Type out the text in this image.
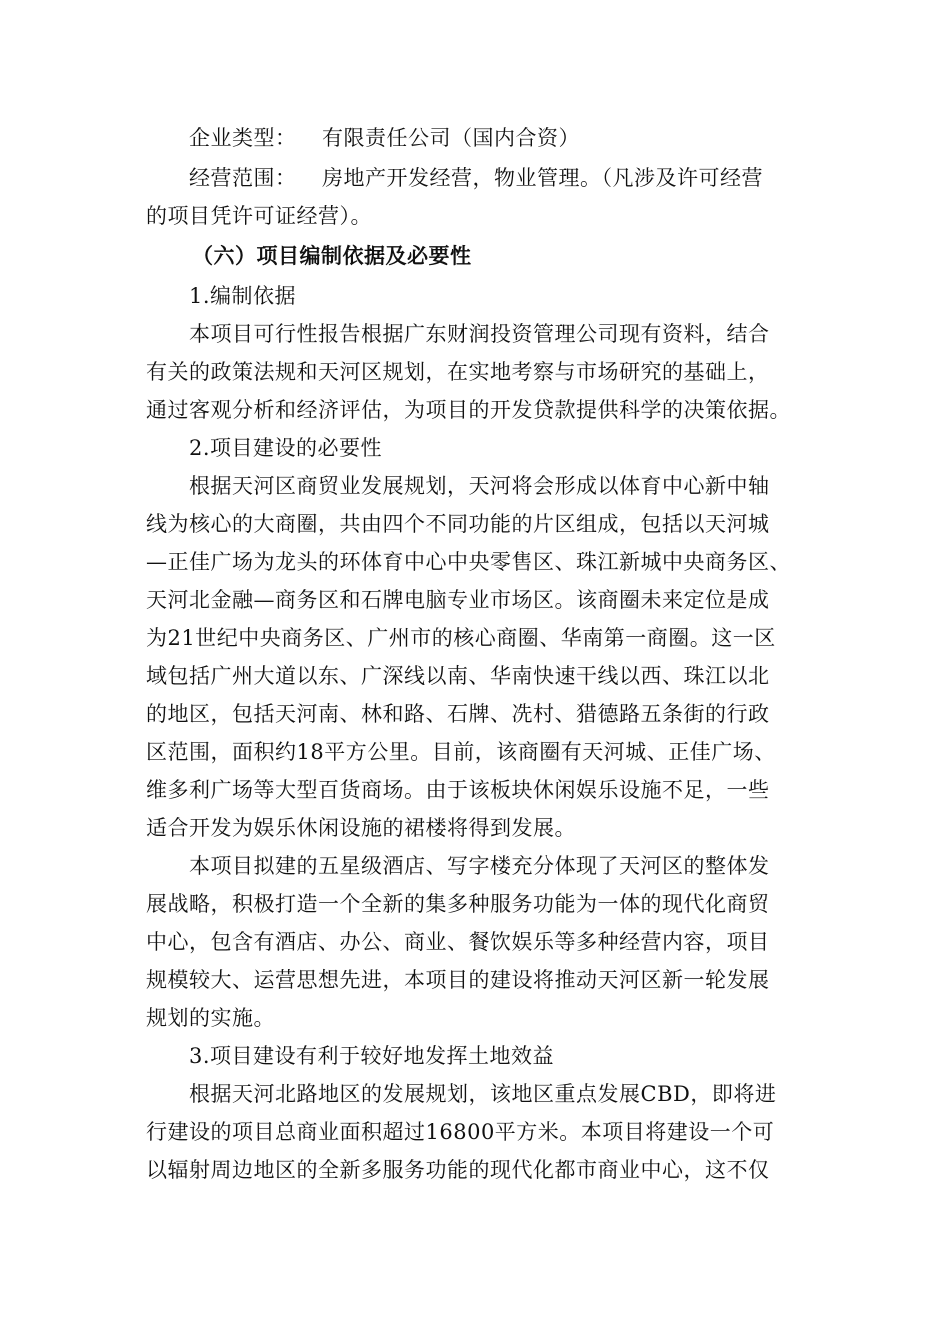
企业类型： 有限责任公司（国内合资）
经营范围： 房地产开发经营，物业管理。（凡涉及许可经营
的项目凭许可证经营）。
（六）项目编制依据及必要性
1.编制依据
本项目可行性报告根据广东财润投资管理公司现有资料，结合
有关的政策法规和天河区规划，在实地考察与市场研究的基础上，
通过客观分析和经济评估，为项目的开发贷款提供科学的决策依据。
2.项目建设的必要性
根据天河区商贸业发展规划，天河将会形成以体育中心新中轴
线为核心的大商圈，共由四个不同功能的片区组成，包括以天河城
—正佳广场为龙头的环体育中心中央零售区、珠江新城中央商务区、
天河北金融—商务区和石牌电脑专业市场区。该商圈未来定位是成
为21世纪中央商务区、广州市的核心商圈、华南第一商圈。这一区
域包括广州大道以东、广深线以南、华南快速干线以西、珠江以北
的地区，包括天河南、林和路、石牌、冼村、猎德路五条街的行政
区范围，面积约18平方公里。目前，该商圈有天河城、正佳广场、
维多利广场等大型百货商场。由于该板块休闲娱乐设施不足，一些
适合开发为娱乐休闲设施的裙楼将得到发展。
本项目拟建的五星级酒店、写字楼充分体现了天河区的整体发
展战略，积极打造一个全新的集多种服务功能为一体的现代化商贸
中心，包含有酒店、办公、商业、餐饮娱乐等多种经营内容，项目
规模较大、运营思想先进，本项目的建设将推动天河区新一轮发展
规划的实施。
3.项目建设有利于较好地发挥土地效益
根据天河北路地区的发展规划，该地区重点发展CBD，即将进
行建设的项目总商业面积超过16800平方米。本项目将建设一个可
以辐射周边地区的全新多服务功能的现代化都市商业中心，这不仅
